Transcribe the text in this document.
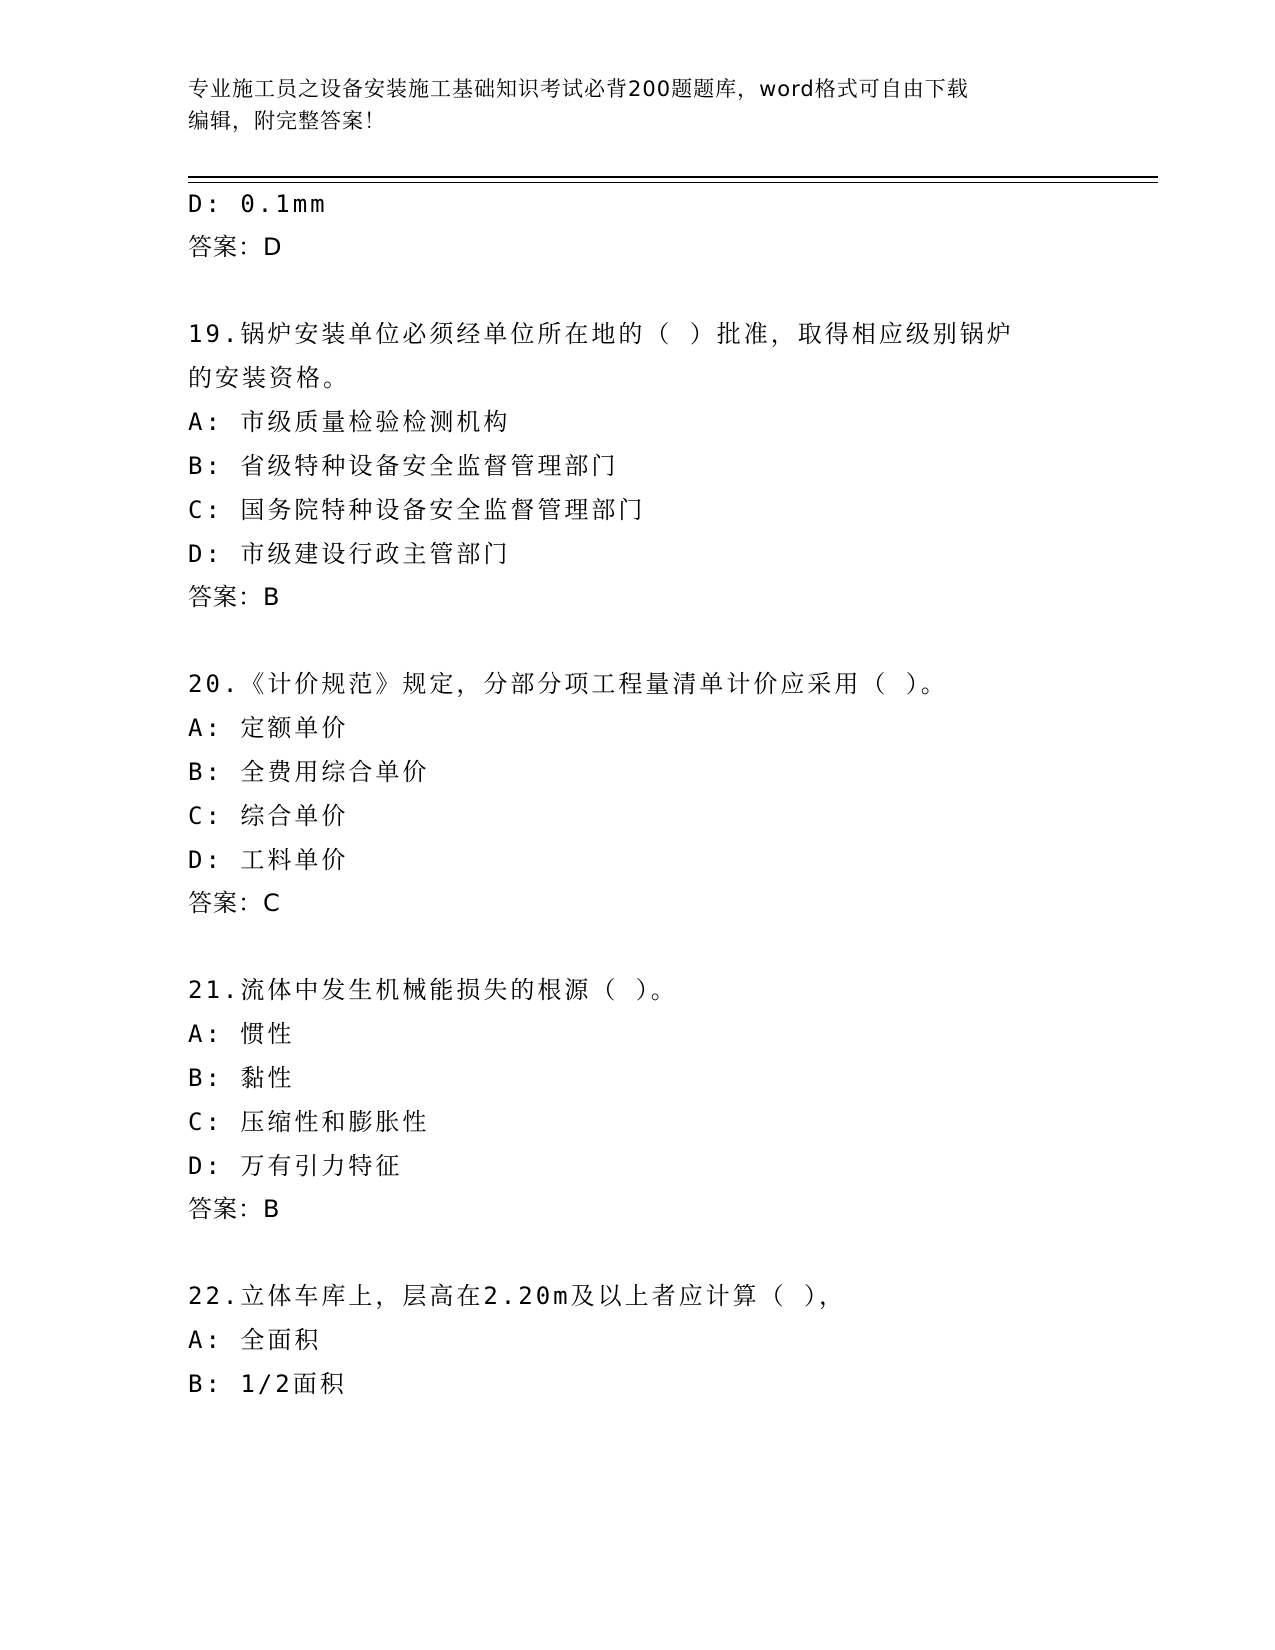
专业施工员之设备安装施工基础知识考试必背200题题库，word格式可自由下载
编辑，附完整答案！
D: 0.1mm
答案：D
19.锅炉安装单位必须经单位所在地的（ ）批准，取得相应级别锅炉
的安装资格。
A: 市级质量检验检测机构
B: 省级特种设备安全监督管理部门
C: 国务院特种设备安全监督管理部门
D: 市级建设行政主管部门
答案：B
20.《计价规范》规定，分部分项工程量清单计价应采用（ ）。
A: 定额单价
B: 全费用综合单价
C: 综合单价
D: 工料单价
答案：C
21.流体中发生机械能损失的根源（ ）。
A: 惯性
B: 黏性
C: 压缩性和膨胀性
D: 万有引力特征
答案：B
22.立体车库上，层高在2.20m及以上者应计算（ ），
A: 全面积
B: 1/2面积
